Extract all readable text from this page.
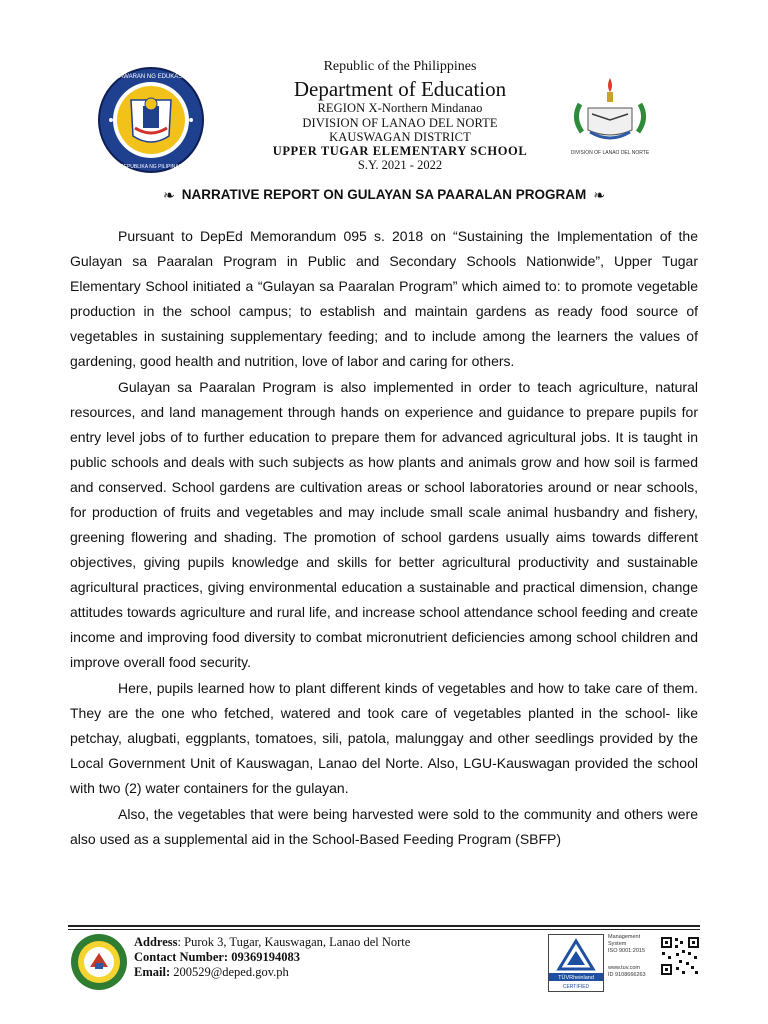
KAGAWARAN NG EDUKASYON
REPUBLIKA NG PILIPINAS
Republic of the Philippines
Department of Education
REGION X-Northern Mindanao
DIVISION OF LANAO DEL NORTE
KAUSWAGAN DISTRICT
UPPER TUGAR ELEMENTARY SCHOOL
S.Y. 2021 - 2022
DIVISION OF LANAO DEL NORTE
❧ NARRATIVE REPORT ON GULAYAN SA PAARALAN PROGRAM ❧

Pursuant to DepEd Memorandum 095 s. 2018 on “Sustaining the Implementation of the Gulayan sa Paaralan Program in Public and Secondary Schools Nationwide”, Upper Tugar Elementary School initiated a “Gulayan sa Paaralan Program” which aimed to: to promote vegetable production in the school campus; to establish and maintain gardens as ready food source of vegetables in sustaining supplementary feeding; and to include among the learners the values of gardening, good health and nutrition, love of labor and caring for others.

Gulayan sa Paaralan Program is also implemented in order to teach agriculture, natural resources, and land management through hands on experience and guidance to prepare pupils for entry level jobs of to further education to prepare them for advanced agricultural jobs. It is taught in public schools and deals with such subjects as how plants and animals grow and how soil is farmed and conserved. School gardens are cultivation areas or school laboratories around or near schools, for production of fruits and vegetables and may include small scale animal husbandry and fishery, greening flowering and shading. The promotion of school gardens usually aims towards different objectives, giving pupils knowledge and skills for better agricultural productivity and sustainable agricultural practices, giving environmental education a sustainable and practical dimension, change attitudes towards agriculture and rural life, and increase school attendance school feeding and create income and improving food diversity to combat micronutrient deficiencies among school children and improve overall food security.

Here, pupils learned how to plant different kinds of vegetables and how to take care of them. They are the one who fetched, watered and took care of vegetables planted in the school- like petchay, alugbati, eggplants, tomatoes, sili, patola, malunggay and other seedlings provided by the Local Government Unit of Kauswagan, Lanao del Norte. Also, LGU-Kauswagan provided the school with two (2) water containers for the gulayan.

Also, the vegetables that were being harvested were sold to the community and others were also used as a supplemental aid in the School-Based Feeding Program (SBFP)

Address: Purok 3, Tugar, Kauswagan, Lanao del Norte
Contact Number: 09369194083
Email: 200529@deped.gov.ph	TÜVRheinland
CERTIFIED
Management System
ISO 9001:2015
www.tuv.com
ID 9108666263
